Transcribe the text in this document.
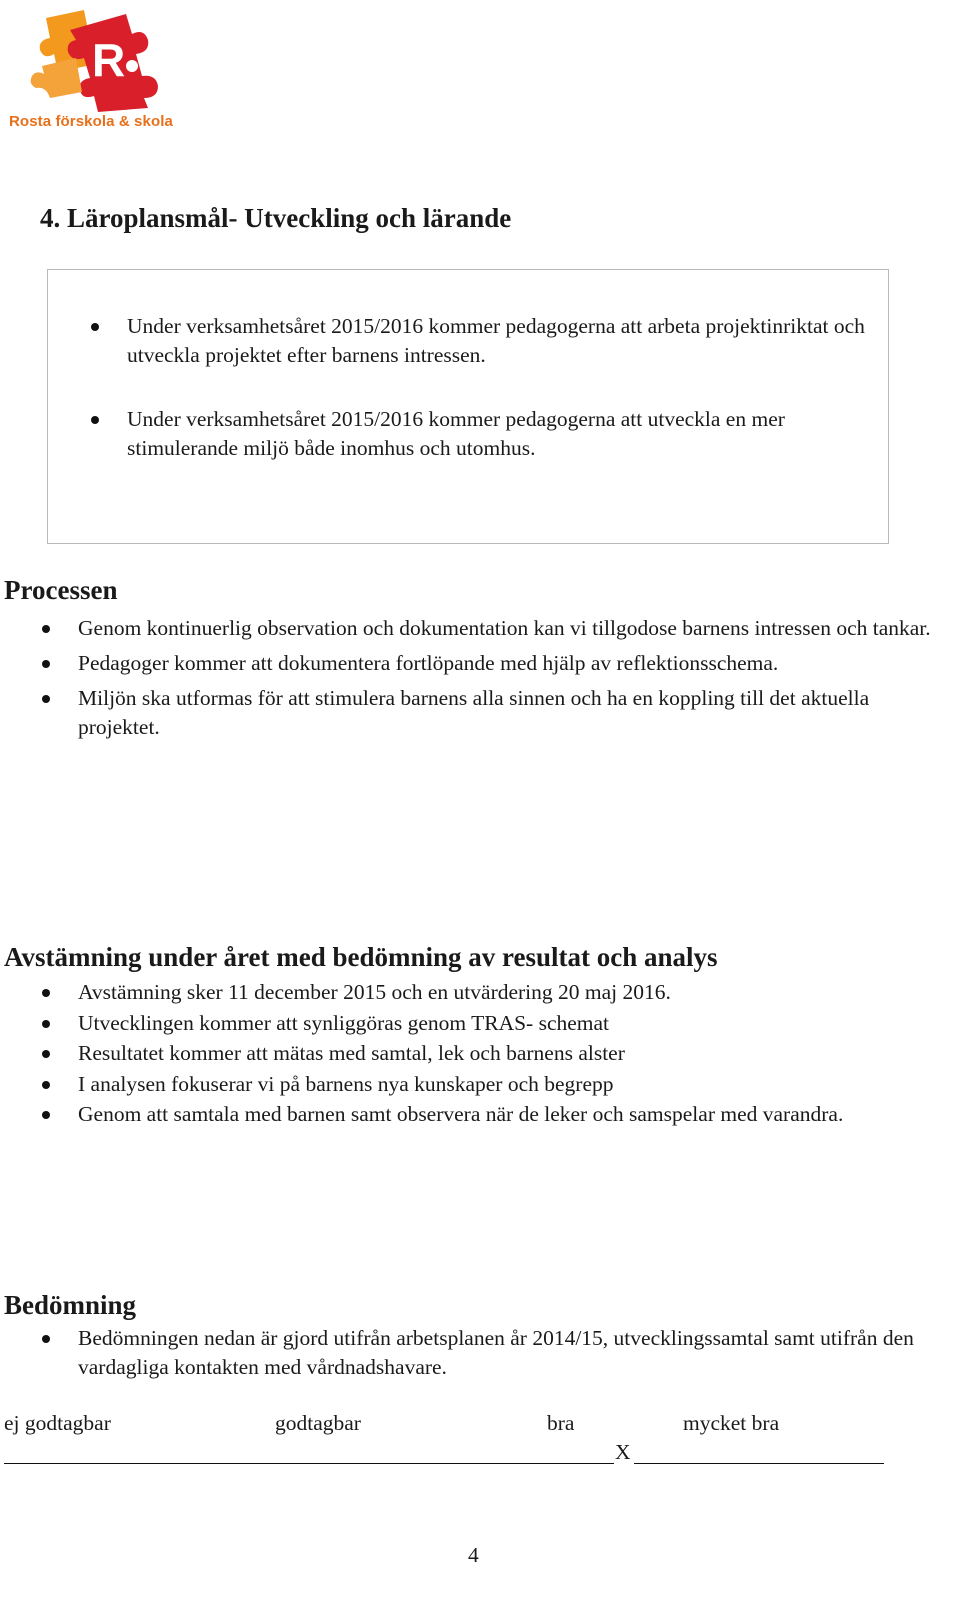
R
Rosta förskola & skola
4. Läroplansmål- Utveckling och lärande
Under verksamhetsåret 2015/2016 kommer pedagogerna att arbeta projektinriktat och utveckla projektet efter barnens intressen.
Under verksamhetsåret 2015/2016 kommer pedagogerna att utveckla en mer stimulerande miljö både inomhus och utomhus.
Processen
Genom kontinuerlig observation och dokumentation kan vi tillgodose barnens intressen och tankar.
Pedagoger kommer att dokumentera fortlöpande med hjälp av reflektionsschema.
Miljön ska utformas för att stimulera barnens alla sinnen och ha en koppling till det aktuella projektet.
Avstämning under året med bedömning av resultat och analys
Avstämning sker 11 december 2015 och en utvärdering 20 maj 2016.
Utvecklingen kommer att synliggöras genom TRAS- schemat
Resultatet kommer att mätas med samtal, lek och barnens alster
I analysen fokuserar vi på barnens nya kunskaper och begrepp
Genom att samtala med barnen samt observera när de leker och samspelar med varandra.
Bedömning
Bedömningen nedan är gjord utifrån arbetsplanen år 2014/15, utvecklingssamtal samt utifrån den vardagliga kontakten med vårdnadshavare.
ej godtagbar	godtagbar	bra	mycket bra
X
4
